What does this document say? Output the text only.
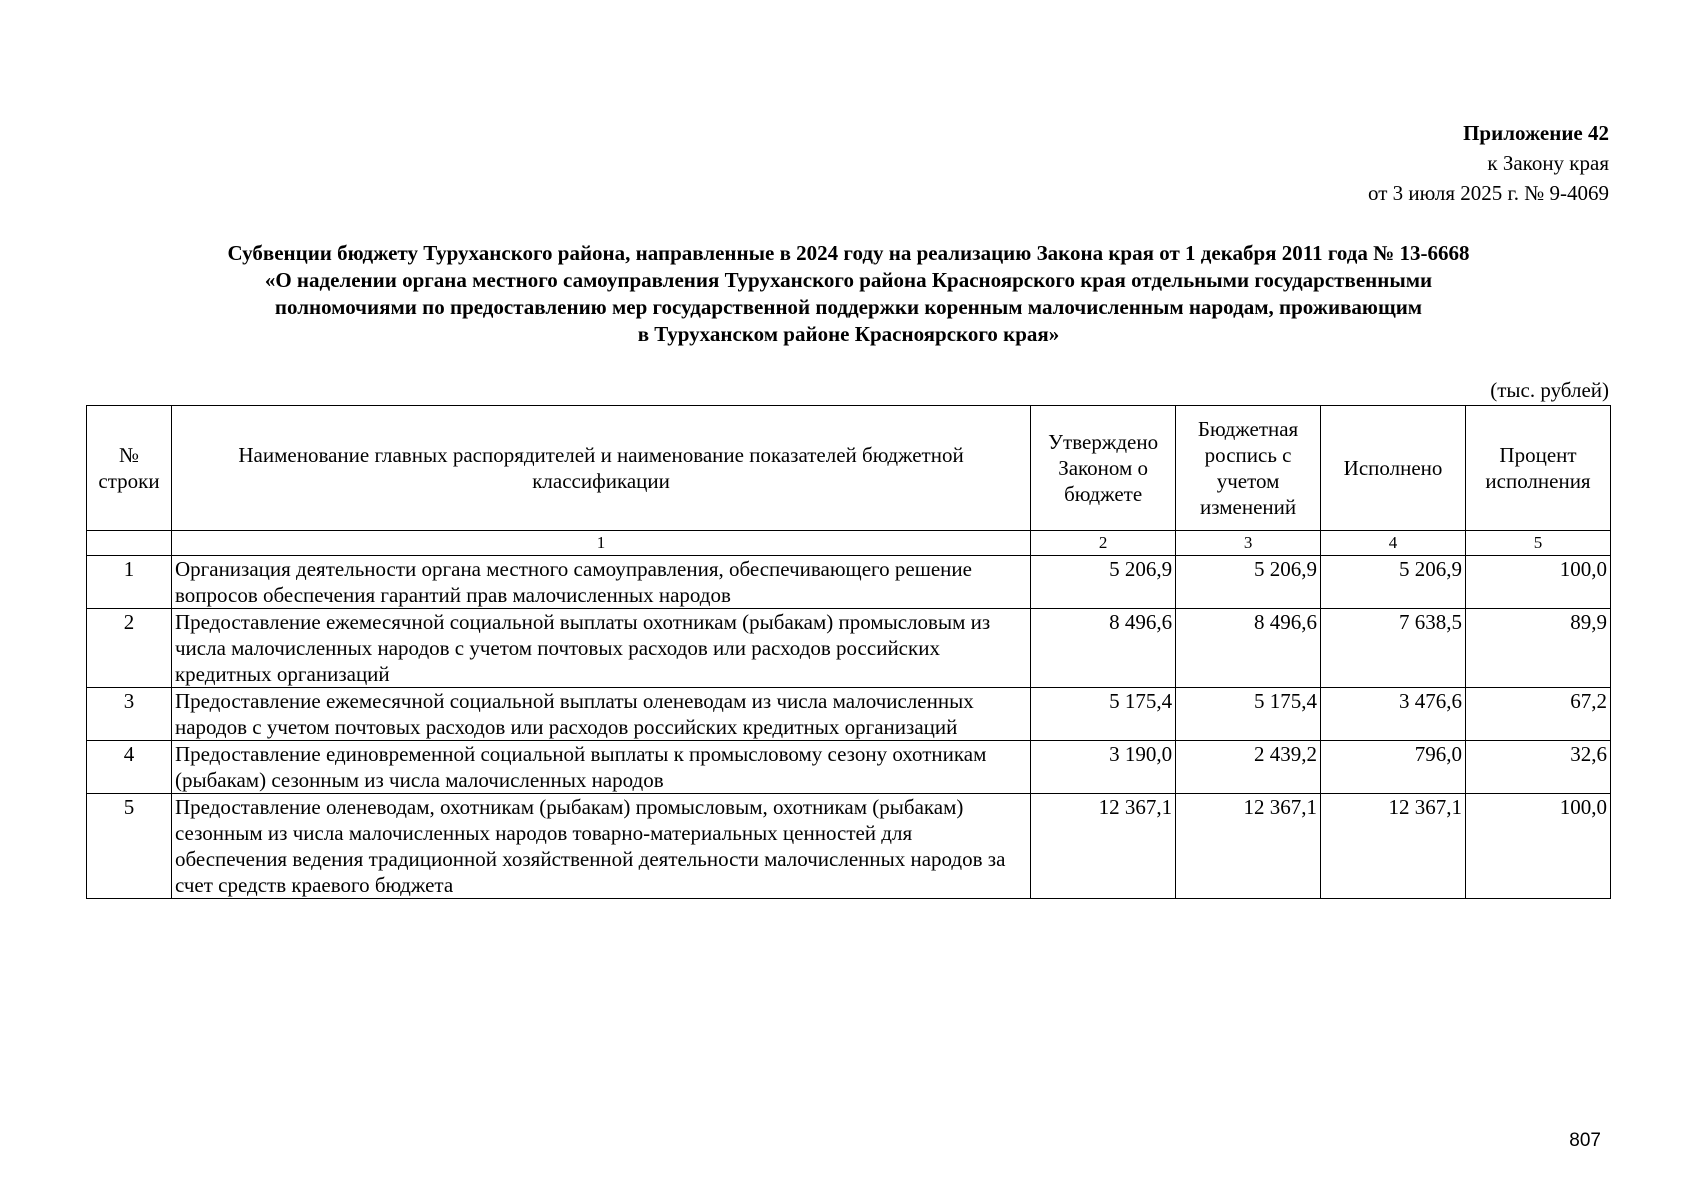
Приложение 42
к Закону края
от 3 июля 2025 г. № 9-4069
Субвенции бюджету Туруханского района, направленные в 2024 году на реализацию Закона края от 1 декабря 2011 года № 13-6668
«О наделении органа местного самоуправления Туруханского района Красноярского края отдельными государственными
полномочиями по предоставлению мер государственной поддержки коренным малочисленным народам, проживающим
в Туруханском районе Красноярского края»
(тыс. рублей)
№ строки	Наименование главных распорядителей и наименование показателей бюджетной классификации	Утверждено Законом о бюджете	Бюджетная роспись с учетом изменений	Исполнено	Процент исполнения
	1	2	3	4	5
1	Организация деятельности органа местного самоуправления, обеспечивающего решение вопросов обеспечения гарантий прав малочисленных народов	5 206,9	5 206,9	5 206,9	100,0
2	Предоставление ежемесячной социальной выплаты охотникам (рыбакам) промысловым из числа малочисленных народов с учетом почтовых расходов или расходов российских кредитных организаций	8 496,6	8 496,6	7 638,5	89,9
3	Предоставление ежемесячной социальной выплаты оленеводам из числа малочисленных народов с учетом почтовых расходов или расходов российских кредитных организаций	5 175,4	5 175,4	3 476,6	67,2
4	Предоставление единовременной социальной выплаты к промысловому сезону охотникам (рыбакам) сезонным из числа малочисленных народов	3 190,0	2 439,2	796,0	32,6
5	Предоставление оленеводам, охотникам (рыбакам) промысловым, охотникам (рыбакам) сезонным из числа малочисленных народов товарно-материальных ценностей для обеспечения ведения традиционной хозяйственной деятельности малочисленных народов за счет средств краевого бюджета	12 367,1	12 367,1	12 367,1	100,0
807
